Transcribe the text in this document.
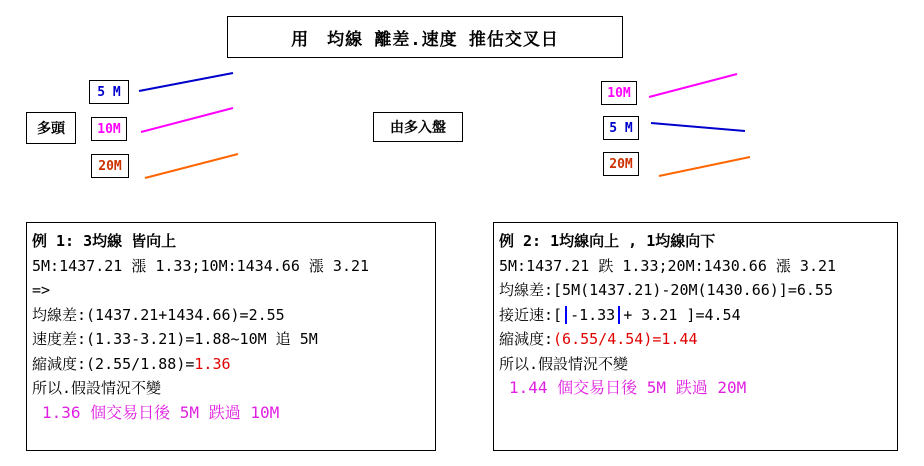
用　均線 離差.速度 推估交叉日
多頭
5 M
10M
20M
由多入盤
10M
5 M
20M
例 1: 3均線 皆向上
5M:1437.21 漲 1.33;10M:1434.66 漲 3.21
=>
均線差:(1437.21+1434.66)=2.55
速度差:(1.33-3.21)=1.88~10M 追 5M
縮減度:(2.55/1.88)=1.36
所以.假設情況不變
1.36 個交易日後 5M 跌過 10M
例 2: 1均線向上 , 1均線向下
5M:1437.21 跌 1.33;20M:1430.66 漲 3.21
均線差:[5M(1437.21)-20M(1430.66)]=6.55
接近速:[ -1.33 + 3.21 ]=4.54
縮減度:(6.55/4.54)=1.44
所以.假設情況不變
1.44 個交易日後 5M 跌過 20M
